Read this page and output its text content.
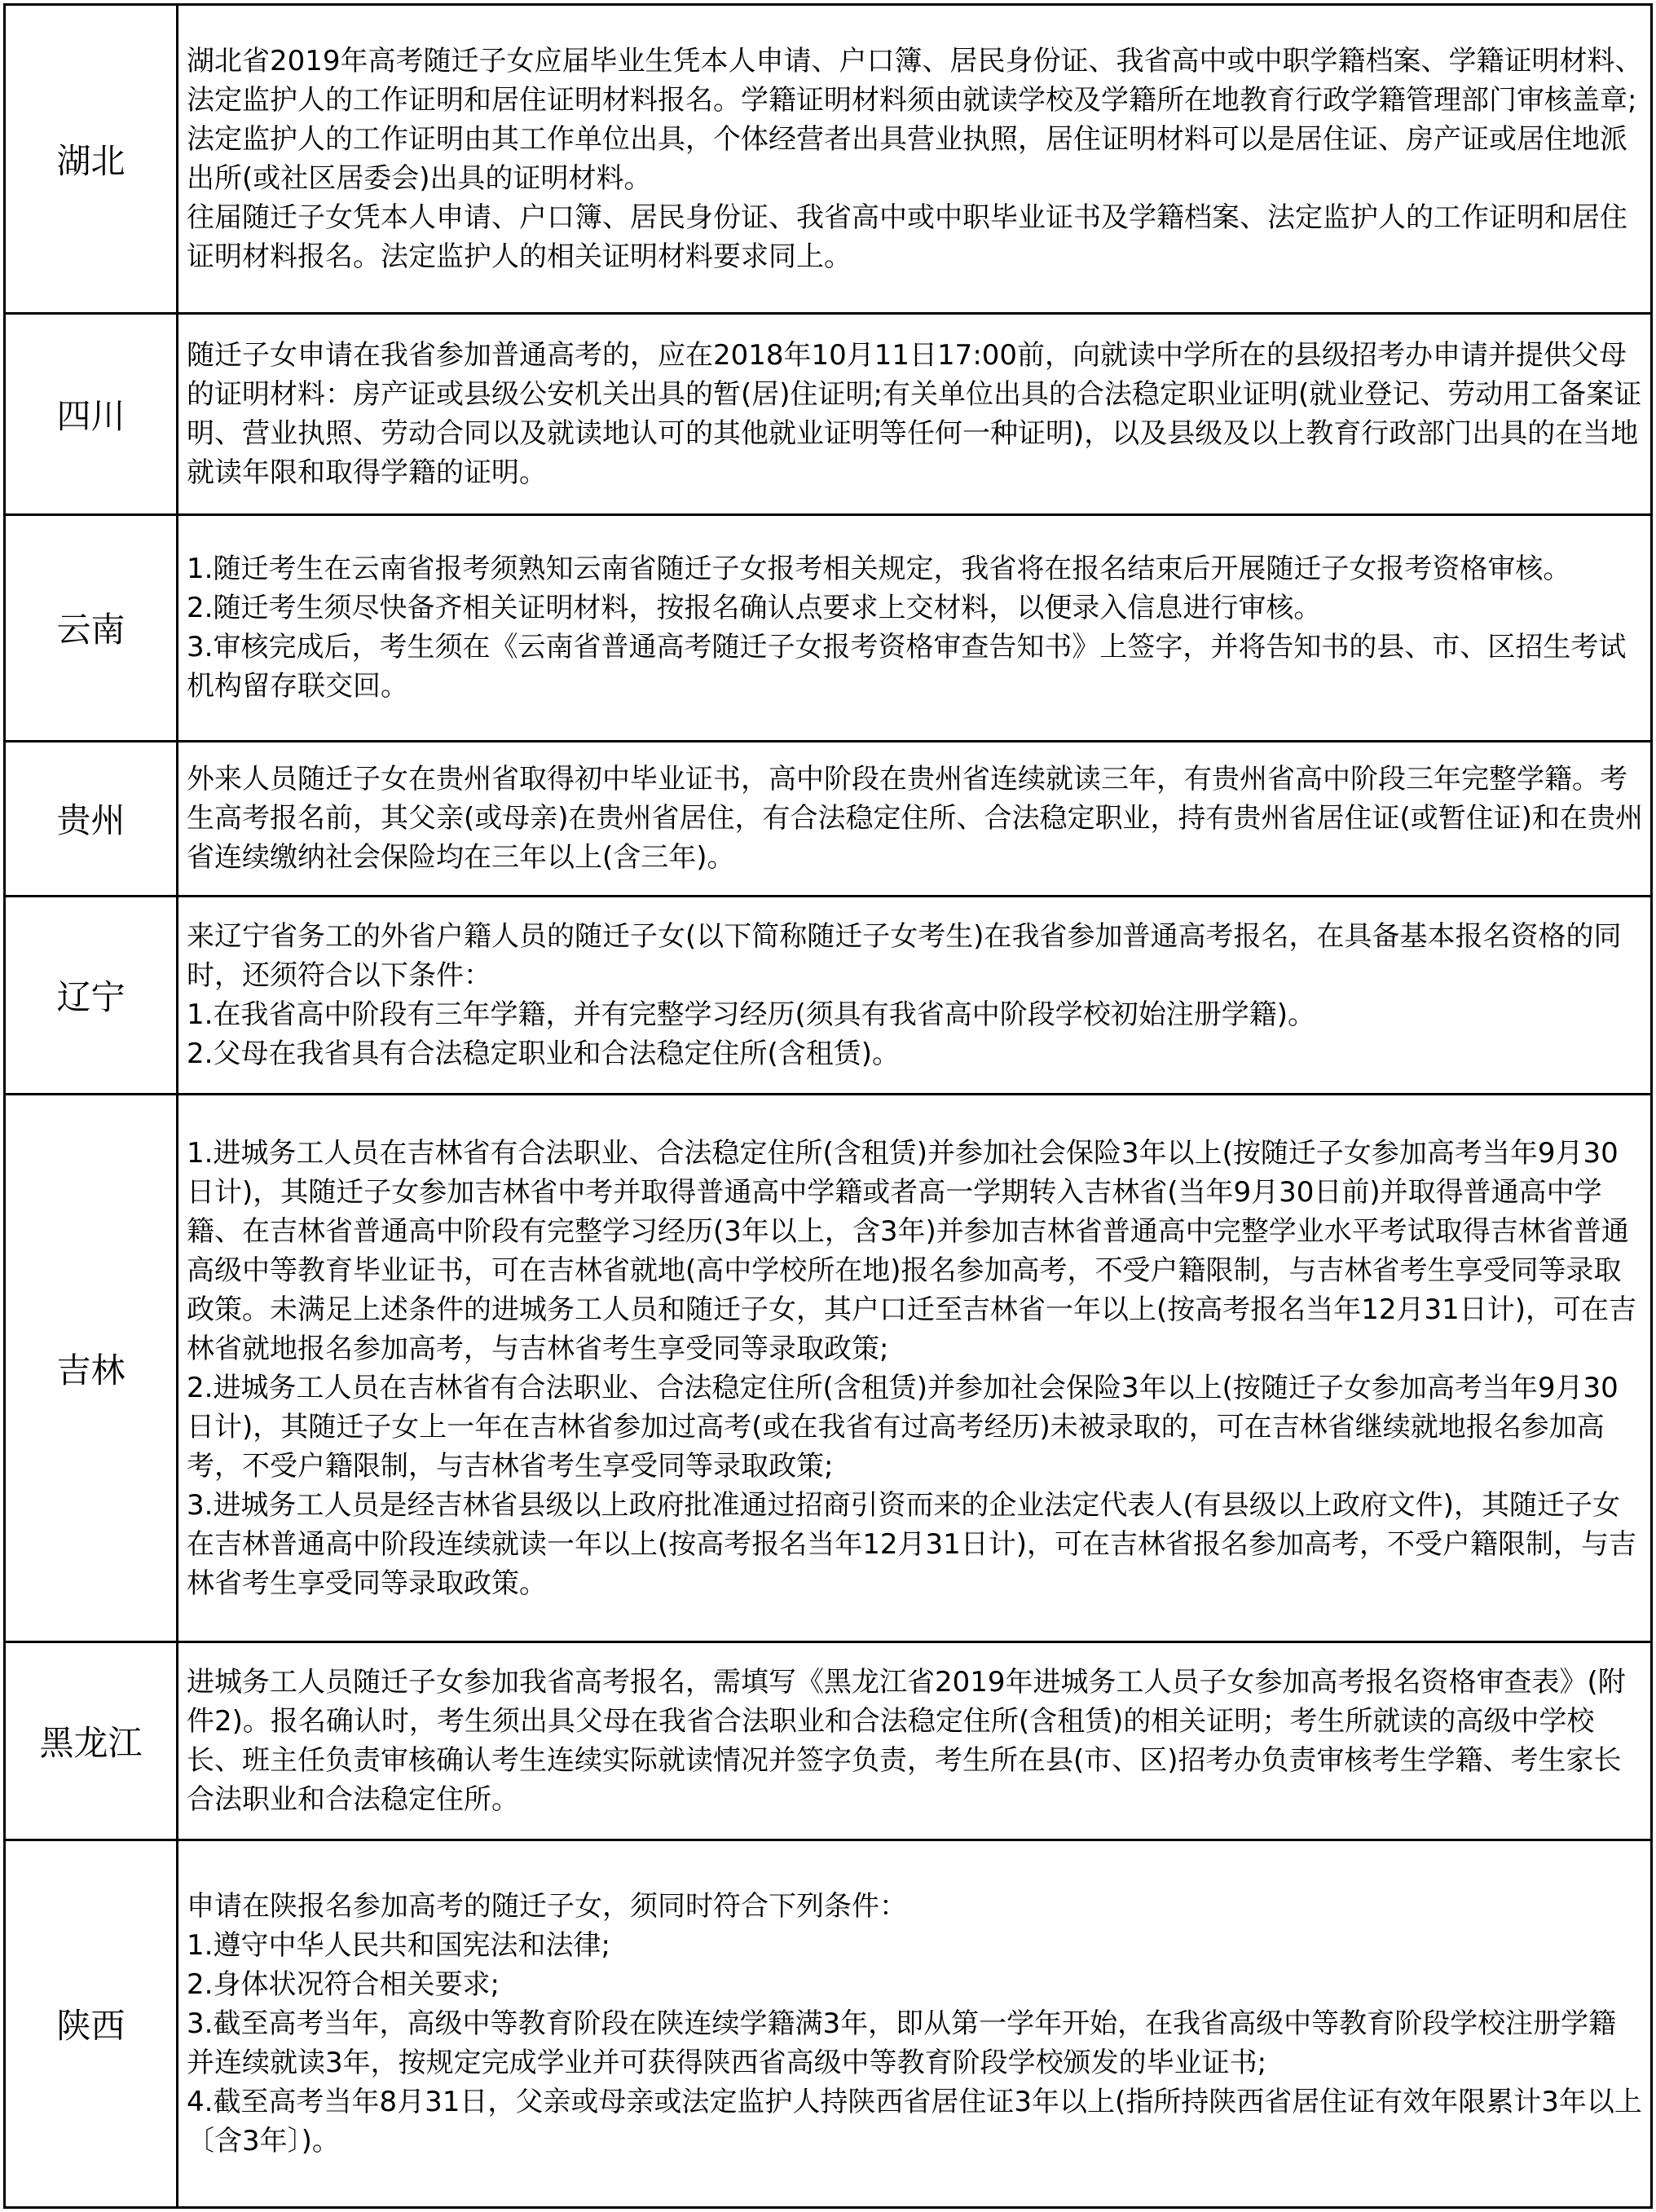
湖北	湖北省2019年高考随迁子女应届毕业生凭本人申请、户口簿、居民身份证、我省高中或中职学籍档案、学籍证明材料、法定监护人的工作证明和居住证明材料报名。学籍证明材料须由就读学校及学籍所在地教育行政学籍管理部门审核盖章;法定监护人的工作证明由其工作单位出具，个体经营者出具营业执照，居住证明材料可以是居住证、房产证或居住地派出所(或社区居委会)出具的证明材料。
往届随迁子女凭本人申请、户口簿、居民身份证、我省高中或中职毕业证书及学籍档案、法定监护人的工作证明和居住证明材料报名。法定监护人的相关证明材料要求同上。

四川	随迁子女申请在我省参加普通高考的，应在2018年10月11日17:00前，向就读中学所在的县级招考办申请并提供父母的证明材料：房产证或县级公安机关出具的暂(居)住证明;有关单位出具的合法稳定职业证明(就业登记、劳动用工备案证明、营业执照、劳动合同以及就读地认可的其他就业证明等任何一种证明)，以及县级及以上教育行政部门出具的在当地就读年限和取得学籍的证明。

云南	1.随迁考生在云南省报考须熟知云南省随迁子女报考相关规定，我省将在报名结束后开展随迁子女报考资格审核。
2.随迁考生须尽快备齐相关证明材料，按报名确认点要求上交材料，以便录入信息进行审核。
3.审核完成后，考生须在《云南省普通高考随迁子女报考资格审查告知书》上签字，并将告知书的县、市、区招生考试机构留存联交回。

贵州	外来人员随迁子女在贵州省取得初中毕业证书，高中阶段在贵州省连续就读三年，有贵州省高中阶段三年完整学籍。考生高考报名前，其父亲(或母亲)在贵州省居住，有合法稳定住所、合法稳定职业，持有贵州省居住证(或暂住证)和在贵州省连续缴纳社会保险均在三年以上(含三年)。

辽宁	来辽宁省务工的外省户籍人员的随迁子女(以下简称随迁子女考生)在我省参加普通高考报名，在具备基本报名资格的同时，还须符合以下条件：
1.在我省高中阶段有三年学籍，并有完整学习经历(须具有我省高中阶段学校初始注册学籍)。
2.父母在我省具有合法稳定职业和合法稳定住所(含租赁)。

吉林	1.进城务工人员在吉林省有合法职业、合法稳定住所(含租赁)并参加社会保险3年以上(按随迁子女参加高考当年9月30日计)，其随迁子女参加吉林省中考并取得普通高中学籍或者高一学期转入吉林省(当年9月30日前)并取得普通高中学籍、在吉林省普通高中阶段有完整学习经历(3年以上，含3年)并参加吉林省普通高中完整学业水平考试取得吉林省普通高级中等教育毕业证书，可在吉林省就地(高中学校所在地)报名参加高考，不受户籍限制，与吉林省考生享受同等录取政策。未满足上述条件的进城务工人员和随迁子女，其户口迁至吉林省一年以上(按高考报名当年12月31日计)，可在吉林省就地报名参加高考，与吉林省考生享受同等录取政策;
2.进城务工人员在吉林省有合法职业、合法稳定住所(含租赁)并参加社会保险3年以上(按随迁子女参加高考当年9月30日计)，其随迁子女上一年在吉林省参加过高考(或在我省有过高考经历)未被录取的，可在吉林省继续就地报名参加高考，不受户籍限制，与吉林省考生享受同等录取政策;
3.进城务工人员是经吉林省县级以上政府批准通过招商引资而来的企业法定代表人(有县级以上政府文件)，其随迁子女在吉林普通高中阶段连续就读一年以上(按高考报名当年12月31日计)，可在吉林省报名参加高考，不受户籍限制，与吉林省考生享受同等录取政策。

黑龙江	进城务工人员随迁子女参加我省高考报名，需填写《黑龙江省2019年进城务工人员子女参加高考报名资格审查表》(附件2)。报名确认时，考生须出具父母在我省合法职业和合法稳定住所(含租赁)的相关证明；考生所就读的高级中学校长、班主任负责审核确认考生连续实际就读情况并签字负责，考生所在县(市、区)招考办负责审核考生学籍、考生家长合法职业和合法稳定住所。

陕西	申请在陕报名参加高考的随迁子女，须同时符合下列条件：
1.遵守中华人民共和国宪法和法律;
2.身体状况符合相关要求;
3.截至高考当年，高级中等教育阶段在陕连续学籍满3年，即从第一学年开始，在我省高级中等教育阶段学校注册学籍并连续就读3年，按规定完成学业并可获得陕西省高级中等教育阶段学校颁发的毕业证书;
4.截至高考当年8月31日，父亲或母亲或法定监护人持陕西省居住证3年以上(指所持陕西省居住证有效年限累计3年以上〔含3年〕)。
